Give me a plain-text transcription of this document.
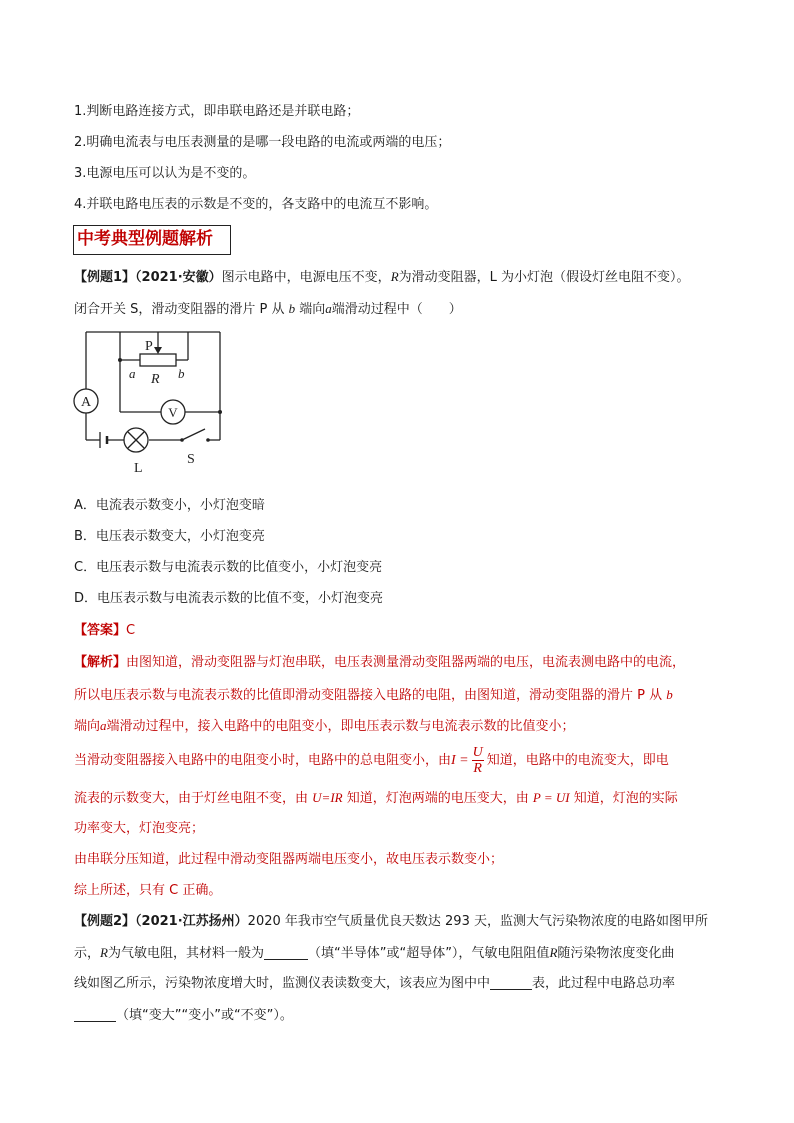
1.判断电路连接方式，即串联电路还是并联电路；
2.明确电流表与电压表测量的是哪一段电路的电流或两端的电压；
3.电源电压可以认为是不变的。
4.并联电路电压表的示数是不变的，各支路中的电流互不影响。
中考典型例题解析
【例题1】（2021·安徽）图示电路中，电源电压不变，R为滑动变阻器，L 为小灯泡（假设灯丝电阻不变）。
闭合开关 S，滑动变阻器的滑片 P 从 b 端向a端滑动过程中（　　）
A
V
P
a R b
L
S
A．电流表示数变小，小灯泡变暗
B．电压表示数变大，小灯泡变亮
C．电压表示数与电流表示数的比值变小，小灯泡变亮
D．电压表示数与电流表示数的比值不变，小灯泡变亮
【答案】C
【解析】由图知道，滑动变阻器与灯泡串联，电压表测量滑动变阻器两端的电压，电流表测电路中的电流，
所以电压表示数与电流表示数的比值即滑动变阻器接入电路的电阻，由图知道，滑动变阻器的滑片 P 从 b
端向a端滑动过程中，接入电路中的电阻变小，即电压表示数与电流表示数的比值变小；
当滑动变阻器接入电路中的电阻变小时，电路中的总电阻变小，由$I = \frac{U}{R}$ 知道，电路中的电流变大，即电
流表的示数变大，由于灯丝电阻不变，由 U=IR 知道，灯泡两端的电压变大，由 P = UI 知道，灯泡的实际
功率变大，灯泡变亮；
由串联分压知道，此过程中滑动变阻器两端电压变小，故电压表示数变小；
综上所述，只有 C 正确。
【例题2】（2021·江苏扬州）2020 年我市空气质量优良天数达 293 天，监测大气污染物浓度的电路如图甲所
示，R为气敏电阻，其材料一般为	（填“半导体”或“超导体”），气敏电阻阻值R随污染物浓度变化曲
线如图乙所示，污染物浓度增大时，监测仪表读数变大，该表应为图中中	表，此过程中电路总功率
（填“变大”“变小”或“不变”）。
